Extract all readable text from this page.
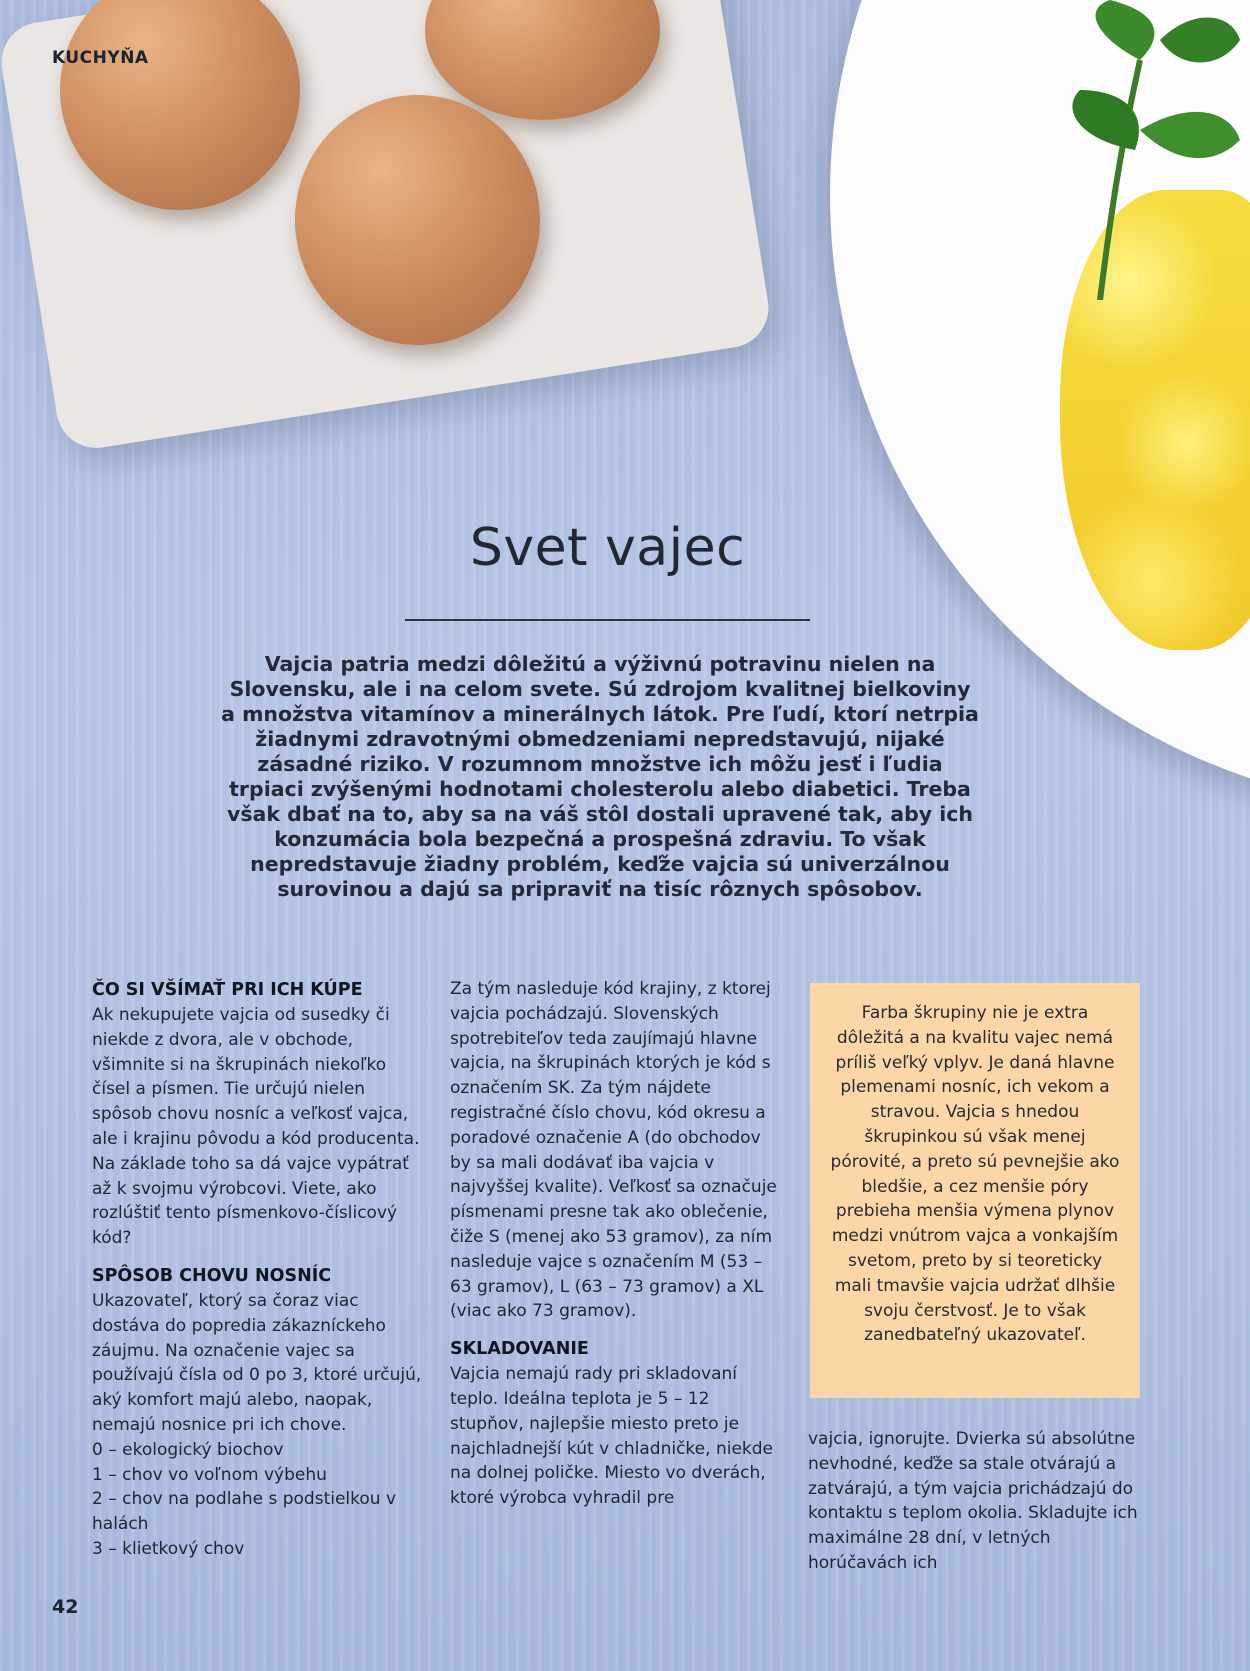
KUCHYŇA
Svet vajec
Vajcia patria medzi dôležitú a výživnú potravinu nielen na Slovensku, ale i na celom svete. Sú zdrojom kvalitnej bielkoviny a množstva vitamínov a minerálnych látok. Pre ľudí, ktorí netrpia žiadnymi zdravotnými obmedzeniami nepredstavujú, nijaké zásadné riziko. V rozumnom množstve ich môžu jesť i ľudia trpiaci zvýšenými hodnotami cholesterolu alebo diabetici. Treba však dbať na to, aby sa na váš stôl dostali upravené tak, aby ich konzumácia bola bezpečná a prospešná zdraviu. To však nepredstavuje žiadny problém, keďže vajcia sú univerzálnou surovinou a dajú sa pripraviť na tisíc rôznych spôsobov.
ČO SI VŠÍMAŤ PRI ICH KÚPE

Ak nekupujete vajcia od susedky či niekde z dvora, ale v obchode, všimnite si na škrupinách niekoľko čísel a písmen. Tie určujú nielen spôsob chovu nosníc a veľkosť vajca, ale i krajinu pôvodu a kód producenta. Na základe toho sa dá vajce vypátrať až k svojmu výrobcovi. Viete, ako rozlúštiť tento písmenkovo-číslicový kód?

SPÔSOB CHOVU NOSNÍC

Ukazovateľ, ktorý sa čoraz viac dostáva do popredia zákazníckeho záujmu. Na označenie vajec sa používajú čísla od 0 po 3, ktoré určujú, aký komfort majú alebo, naopak, nemajú nosnice pri ich chove.

0 – ekologický biochov
1 – chov vo voľnom výbehu
2 – chov na podlahe s podstielkou v halách
3 – klietkový chov

Za tým nasleduje kód krajiny, z ktorej vajcia pochádzajú. Slovenských spotrebiteľov teda zaujímajú hlavne vajcia, na škrupinách ktorých je kód s označením SK. Za tým nájdete registračné číslo chovu, kód okresu a poradové označenie A (do obchodov by sa mali dodávať iba vajcia v najvyššej kvalite). Veľkosť sa označuje písmenami presne tak ako oblečenie, čiže S (menej ako 53 gramov), za ním nasleduje vajce s označením M (53 – 63 gramov), L (63 – 73 gramov) a XL (viac ako 73 gramov).

SKLADOVANIE

Vajcia nemajú rady pri skladovaní teplo. Ideálna teplota je 5 – 12 stupňov, najlepšie miesto preto je najchladnejší kút v chladničke, niekde na dolnej poličke. Miesto vo dverách, ktoré výrobca vyhradil pre

Farba škrupiny nie je extra dôležitá a na kvalitu vajec nemá príliš veľký vplyv. Je daná hlavne plemenami nosníc, ich vekom a stravou. Vajcia s hnedou škrupinkou sú však menej pórovité, a preto sú pevnejšie ako bledšie, a cez menšie póry prebieha menšia výmena plynov medzi vnútrom vajca a vonkajším svetom, preto by si teoreticky mali tmavšie vajcia udržať dlhšie svoju čerstvosť. Je to však zanedbateľný ukazovateľ.

vajcia, ignorujte. Dvierka sú absolútne nevhodné, keďže sa stale otvárajú a zatvárajú, a tým vajcia prichádzajú do kontaktu s teplom okolia. Skladujte ich maximálne 28 dní, v letných horúčavách ich

42
